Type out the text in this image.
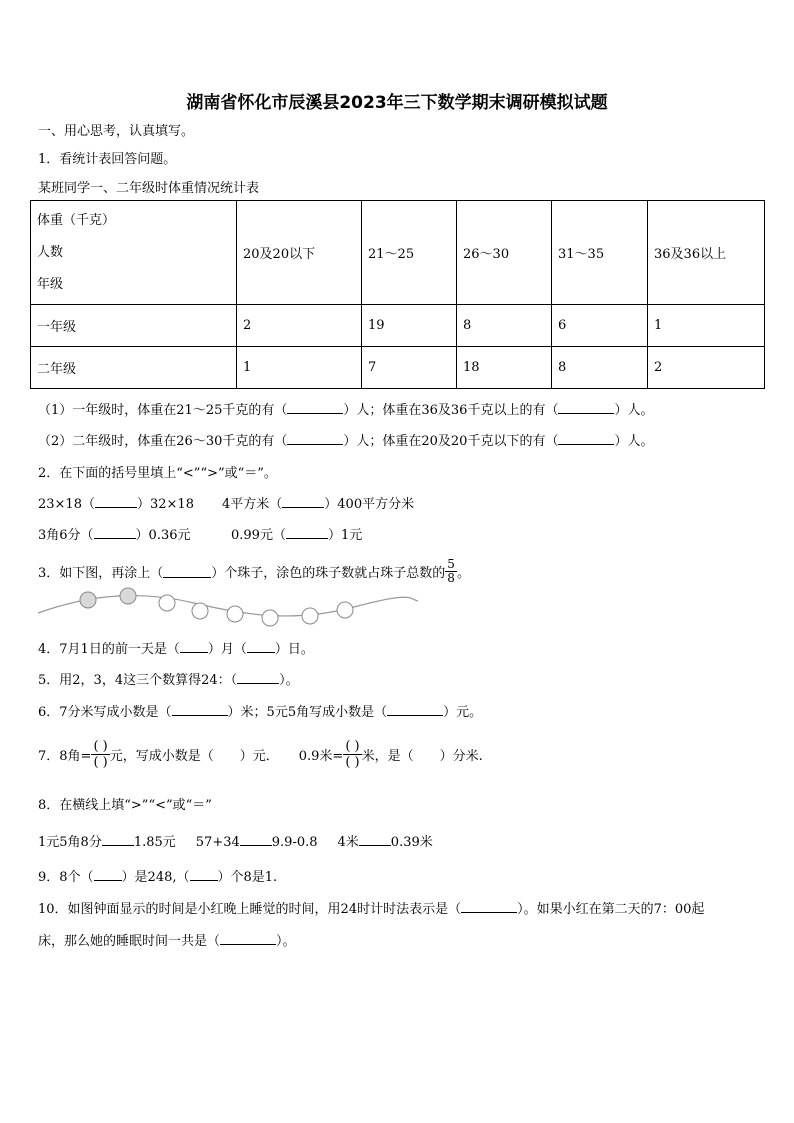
湖南省怀化市辰溪县2023年三下数学期末调研模拟试题
一、用心思考，认真填写。
1．看统计表回答问题。
某班同学一、二年级时体重情况统计表
体重（千克）
人数
年级	20及20以下	21～25	26～30	31～35	36及36以上
一年级	2	19	8	6	1
二年级	1	7	18	8	2
（1）一年级时，体重在21～25千克的有（	）人；体重在36及36千克以上的有（	）人。
（2）二年级时，体重在26～30千克的有（	）人；体重在20及20千克以下的有（	）人。
2．在下面的括号里填上“<”“>”或“＝”。
23×18（	）32×18 4平方米（	）400平方分米
3角6分（	）0.36元	0.99元（	）1元
3．如下图，再涂上（	）个珠子，涂色的珠子数就占珠子总数的 $\frac{5}{8}$ 。
4．7月1日的前一天是（ ）月（ ）日。
5．用2，3，4这三个数算得24：（	）。
6．7分米写成小数是（	）米；5元5角写成小数是（	）元。
7．8角= $\frac{( )}{( )}$ 元，写成小数是（ ）元． 0.9米= $\frac{( )}{( )}$ 米，是（ ）分米.
8．在横线上填“>”“<”或“＝”
1元5角8分 1.85元 57+34 9.9-0.8 4米 0.39米
9．8个（ ）是248,（ ）个8是1.
10．如图钟面显示的时间是小红晚上睡觉的时间，用24时计时法表示是（	）。如果小红在第二天的7：00起
床，那么她的睡眠时间一共是（	）。
